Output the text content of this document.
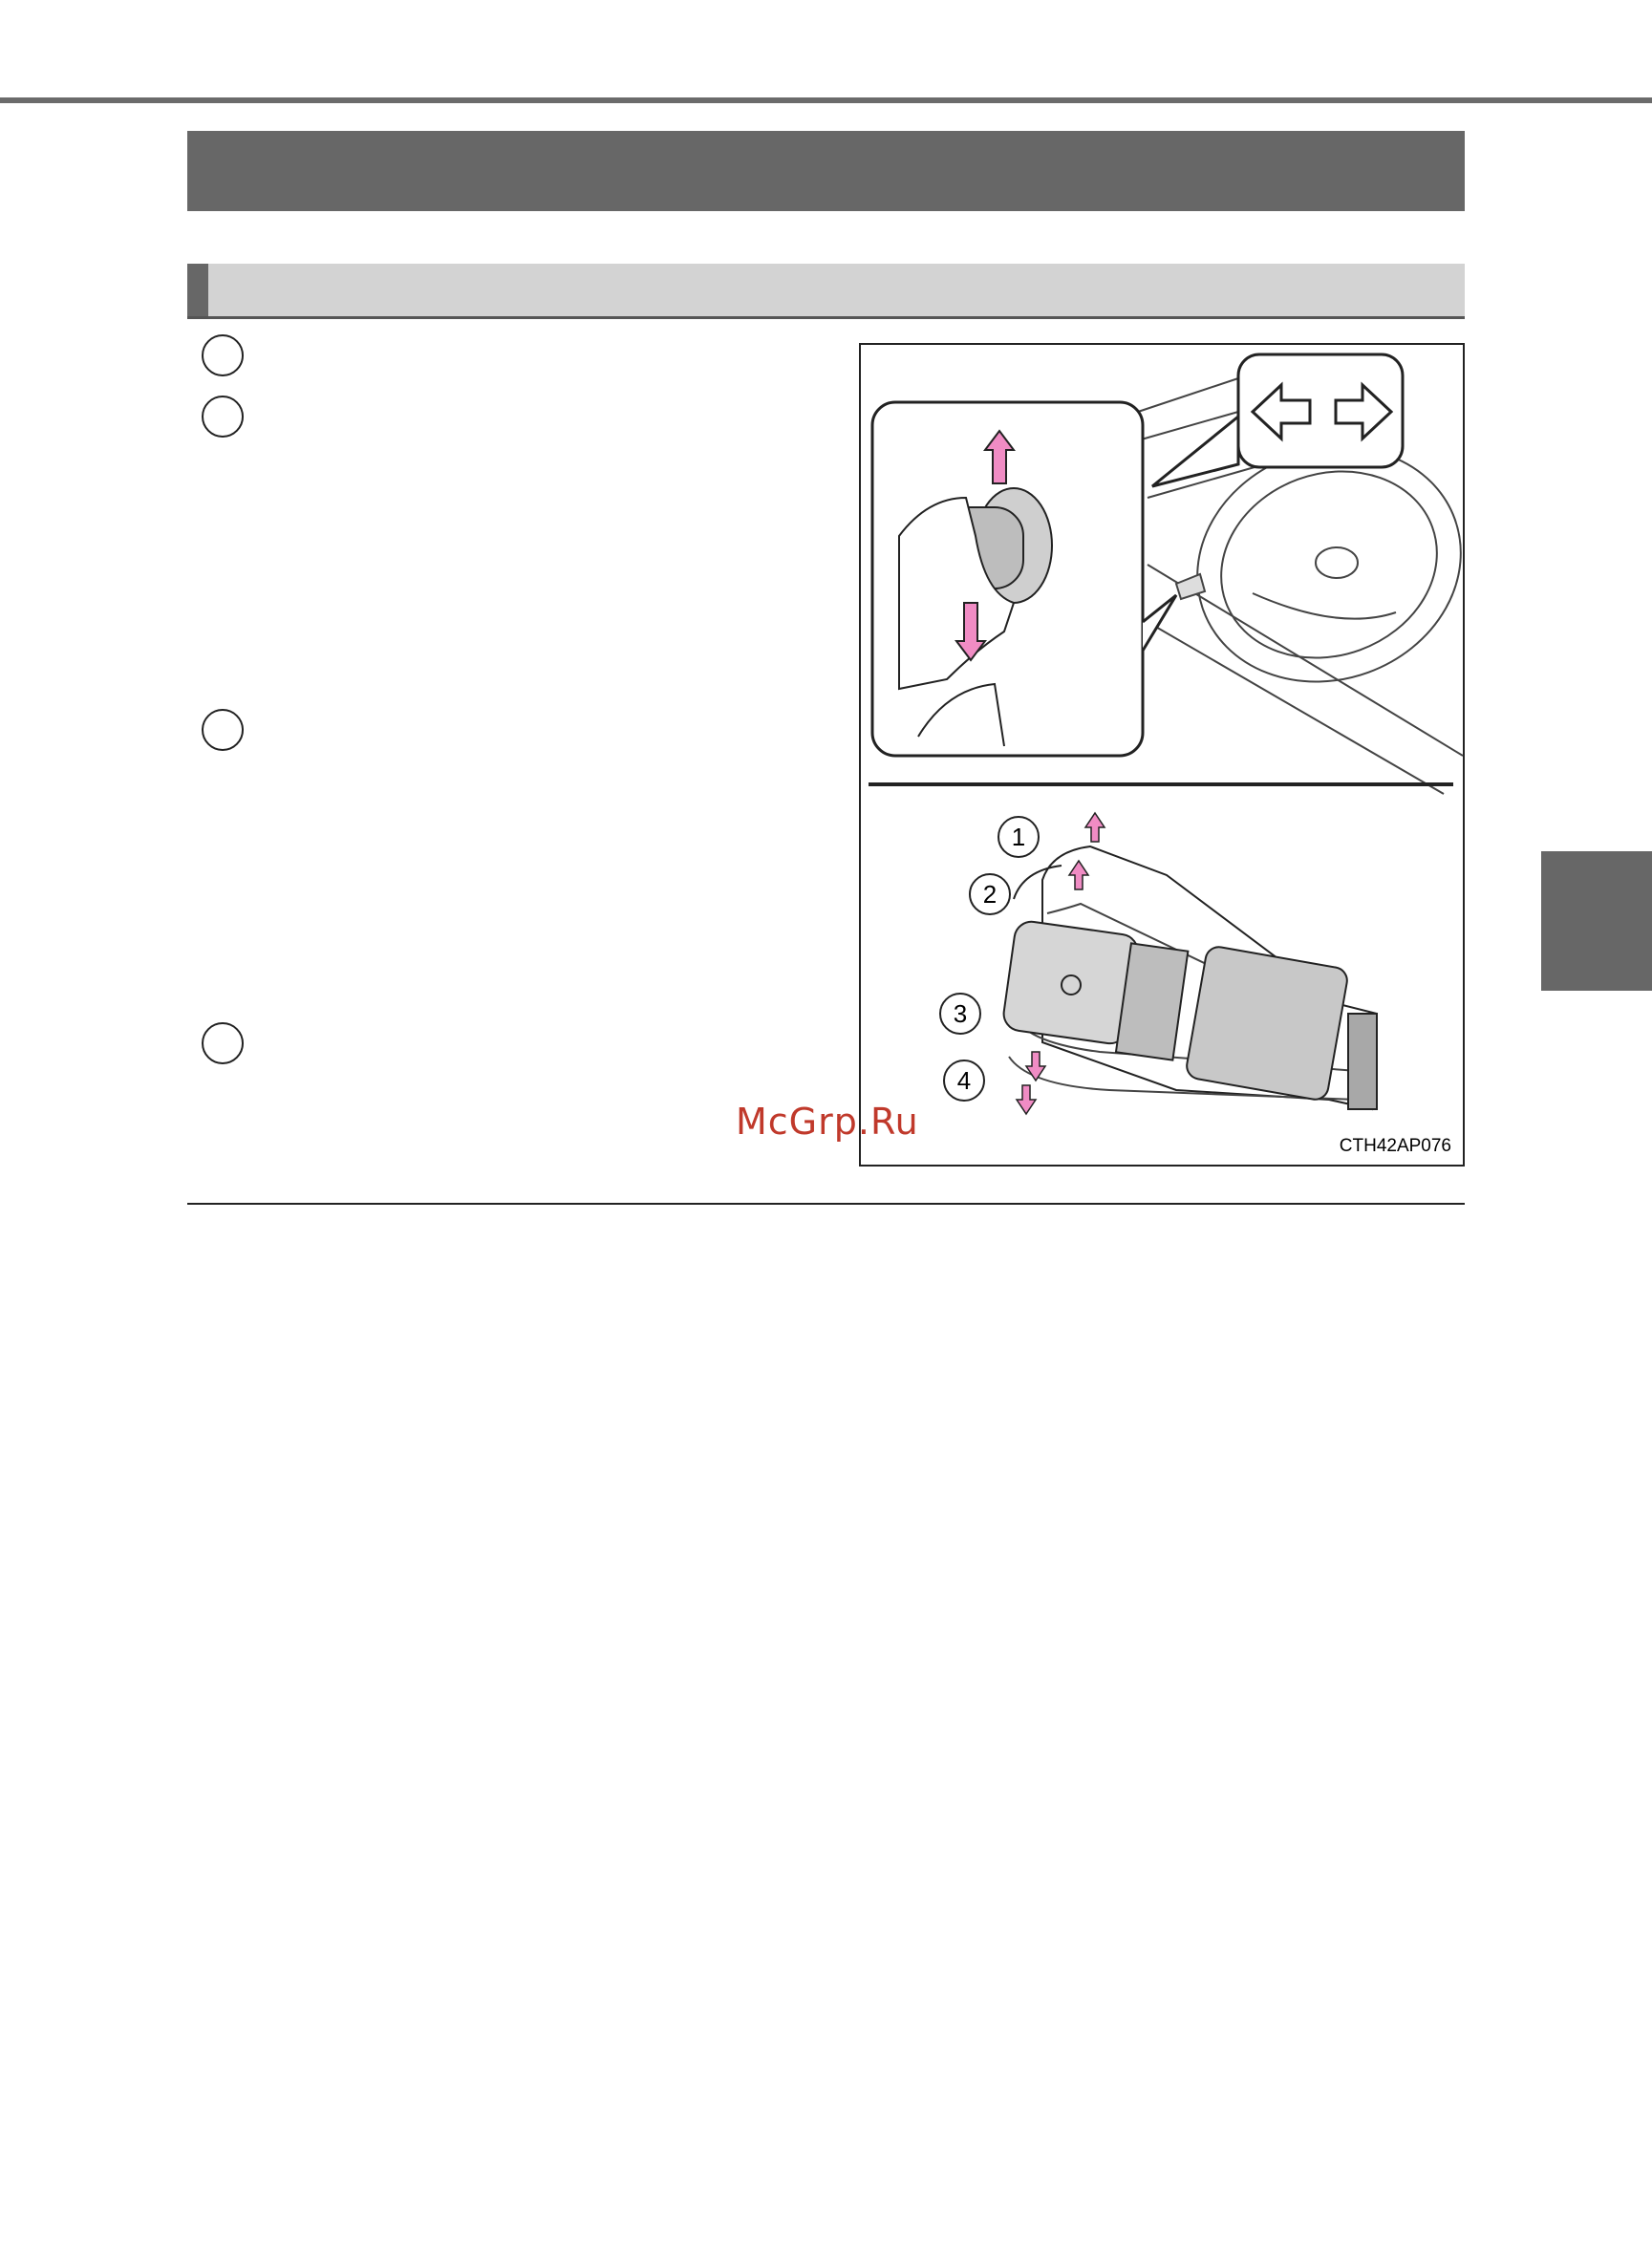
1
2
3
4
CTH42AP076
McGrp.Ru
